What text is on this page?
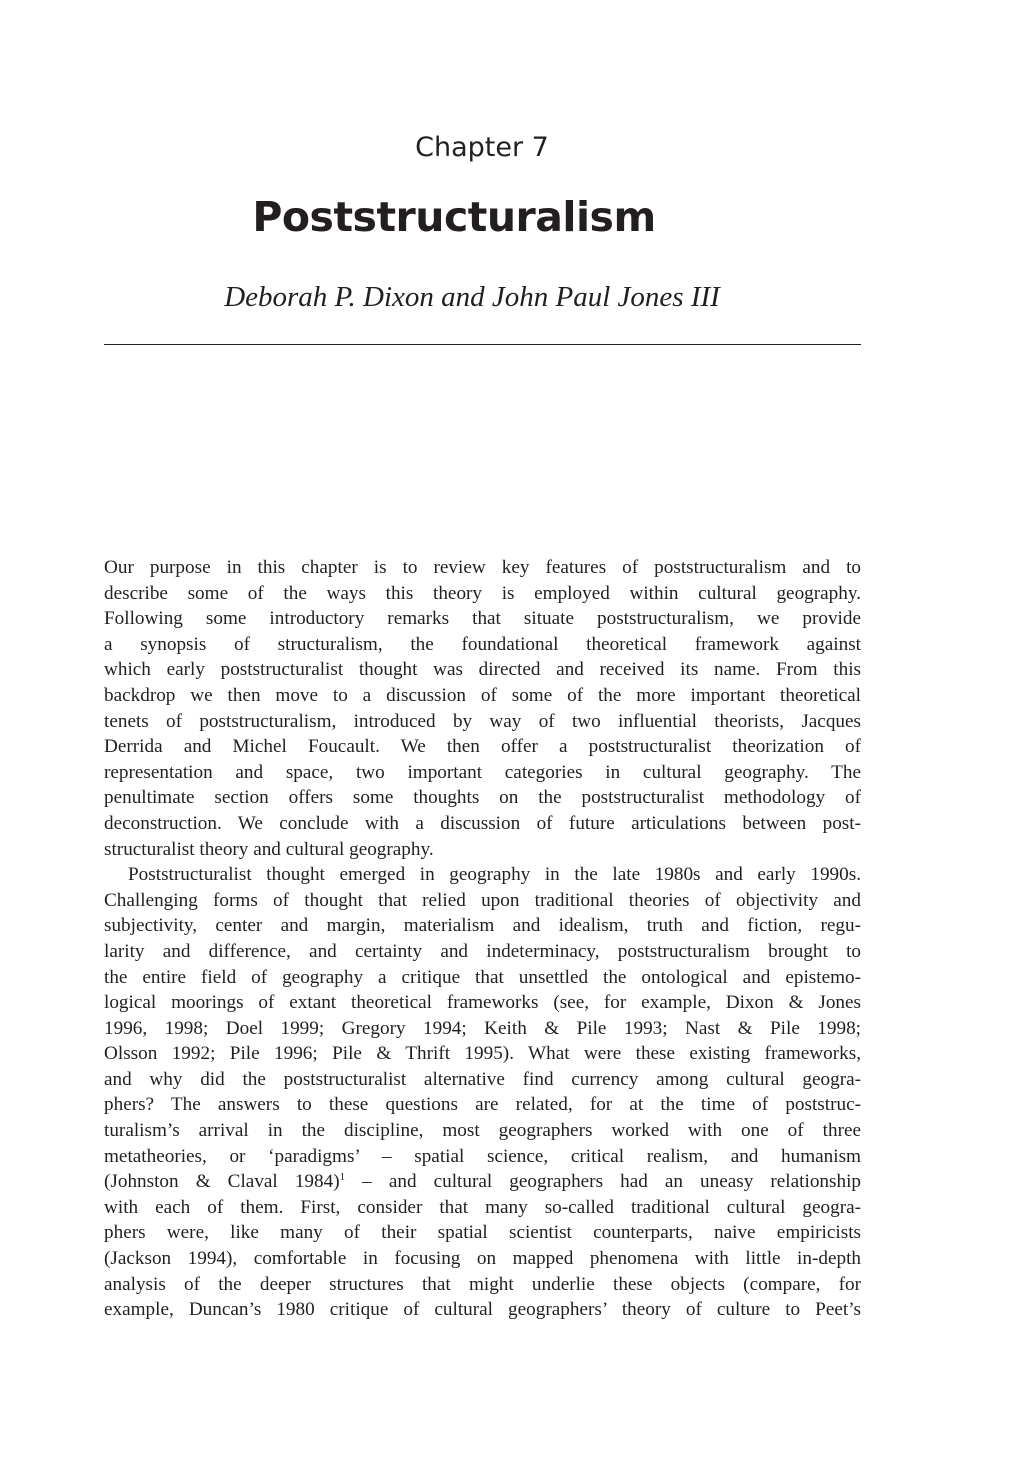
Chapter 7
Poststructuralism
Deborah P. Dixon and John Paul Jones III
Our purpose in this chapter is to review key features of poststructuralism and to
describe some of the ways this theory is employed within cultural geography.
Following some introductory remarks that situate poststructuralism, we provide
a synopsis of structuralism, the foundational theoretical framework against
which early poststructuralist thought was directed and received its name. From this
backdrop we then move to a discussion of some of the more important theoretical
tenets of poststructuralism, introduced by way of two influential theorists, Jacques
Derrida and Michel Foucault. We then offer a poststructuralist theorization of
representation and space, two important categories in cultural geography. The
penultimate section offers some thoughts on the poststructuralist methodology of
deconstruction. We conclude with a discussion of future articulations between post-
structuralist theory and cultural geography.
Poststructuralist thought emerged in geography in the late 1980s and early 1990s.
Challenging forms of thought that relied upon traditional theories of objectivity and
subjectivity, center and margin, materialism and idealism, truth and fiction, regu-
larity and difference, and certainty and indeterminacy, poststructuralism brought to
the entire field of geography a critique that unsettled the ontological and epistemo-
logical moorings of extant theoretical frameworks (see, for example, Dixon & Jones
1996, 1998; Doel 1999; Gregory 1994; Keith & Pile 1993; Nast & Pile 1998;
Olsson 1992; Pile 1996; Pile & Thrift 1995). What were these existing frameworks,
and why did the poststructuralist alternative find currency among cultural geogra-
phers? The answers to these questions are related, for at the time of poststruc-
turalism’s arrival in the discipline, most geographers worked with one of three
metatheories, or ‘paradigms’ – spatial science, critical realism, and humanism
(Johnston & Claval 1984)$^1$ – and cultural geographers had an uneasy relationship
with each of them. First, consider that many so-called traditional cultural geogra-
phers were, like many of their spatial scientist counterparts, naive empiricists
(Jackson 1994), comfortable in focusing on mapped phenomena with little in-depth
analysis of the deeper structures that might underlie these objects (compare, for
example, Duncan’s 1980 critique of cultural geographers’ theory of culture to Peet’s
